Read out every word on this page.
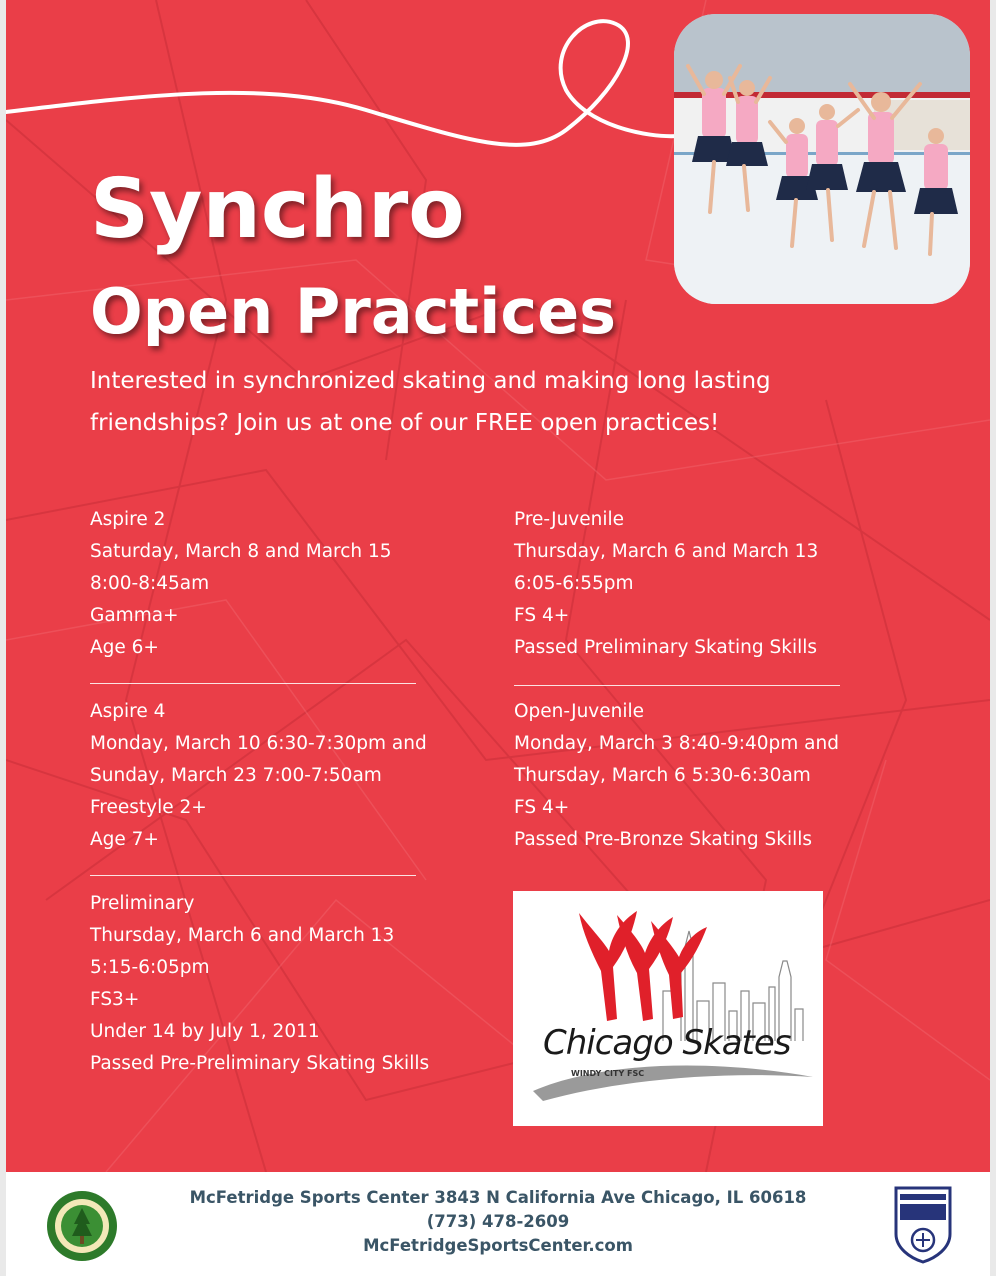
Synchro
Open Practices

Interested in synchronized skating and making long lasting friendships? Join us at one of our FREE open practices!

Aspire 2
Saturday, March 8 and March 15
8:00-8:45am
Gamma+
Age 6+
Aspire 4
Monday, March 10 6:30-7:30pm and
Sunday, March 23 7:00-7:50am
Freestyle 2+
Age 7+
Preliminary
Thursday, March 6 and March 13
5:15-6:05pm
FS3+
Under 14 by July 1, 2011
Passed Pre-Preliminary Skating Skills
Pre-Juvenile
Thursday, March 6 and March 13
6:05-6:55pm
FS 4+
Passed Preliminary Skating Skills
Open-Juvenile
Monday, March 3 8:40-9:40pm and
Thursday, March 6 5:30-6:30am
FS 4+
Passed Pre-Bronze Skating Skills
Chicago Skates
WINDY CITY FSC
McFetridge Sports Center 3843 N California Ave Chicago, IL 60618
(773) 478-2609
McFetridgeSportsCenter.com
